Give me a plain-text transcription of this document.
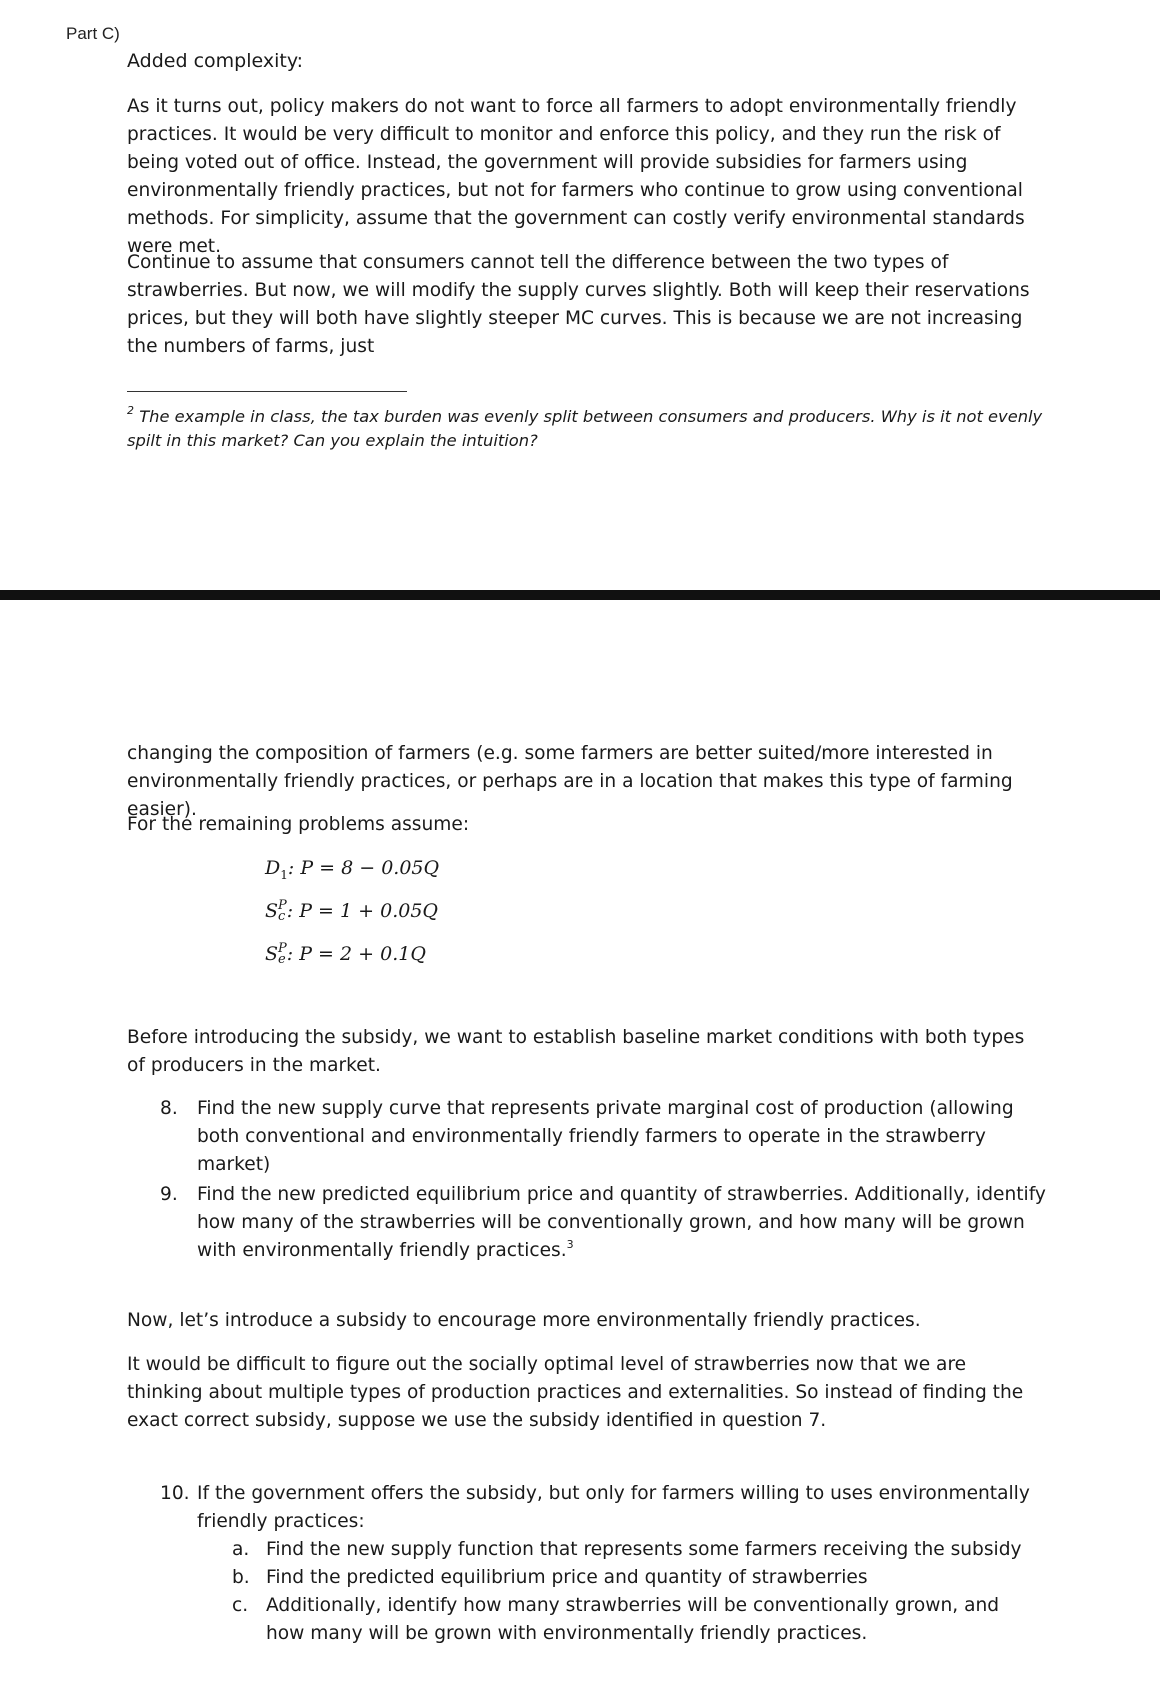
Part C)
Added complexity:

As it turns out, policy makers do not want to force all farmers to adopt environmentally friendly practices. It would be very difficult to monitor and enforce this policy, and they run the risk of being voted out of office. Instead, the government will provide subsidies for farmers using environmentally friendly practices, but not for farmers who continue to grow using conventional methods. For simplicity, assume that the government can costly verify environmental standards were met.

Continue to assume that consumers cannot tell the difference between the two types of strawberries. But now, we will modify the supply curves slightly. Both will keep their reservations prices, but they will both have slightly steeper MC curves. This is because we are not increasing the numbers of farms, just

$^2$ The example in class, the tax burden was evenly split between consumers and producers. Why is it not evenly spilt in this market? Can you explain the intuition?

changing the composition of farmers (e.g. some farmers are better suited/more interested in environmentally friendly practices, or perhaps are in a location that makes this type of farming easier).

For the remaining problems assume:

$D_1$: P = 8 − 0.05Q
S P
c : P = 1 + 0.05Q
S P
e : P = 2 + 0.1Q

Before introducing the subsidy, we want to establish baseline market conditions with both types of producers in the market.

8. Find the new supply curve that represents private marginal cost of production (allowing both conventional and environmentally friendly farmers to operate in the strawberry market)
9. Find the new predicted equilibrium price and quantity of strawberries. Additionally, identify how many of the strawberries will be conventionally grown, and how many will be grown with environmentally friendly practices.$^3$

Now, let’s introduce a subsidy to encourage more environmentally friendly practices.

It would be difficult to figure out the socially optimal level of strawberries now that we are thinking about multiple types of production practices and externalities. So instead of finding the exact correct subsidy, suppose we use the subsidy identified in question 7.

10. If the government offers the subsidy, but only for farmers willing to uses environmentally friendly practices:
a. Find the new supply function that represents some farmers receiving the subsidy
b. Find the predicted equilibrium price and quantity of strawberries
c. Additionally, identify how many strawberries will be conventionally grown, and how many will be grown with environmentally friendly practices.
